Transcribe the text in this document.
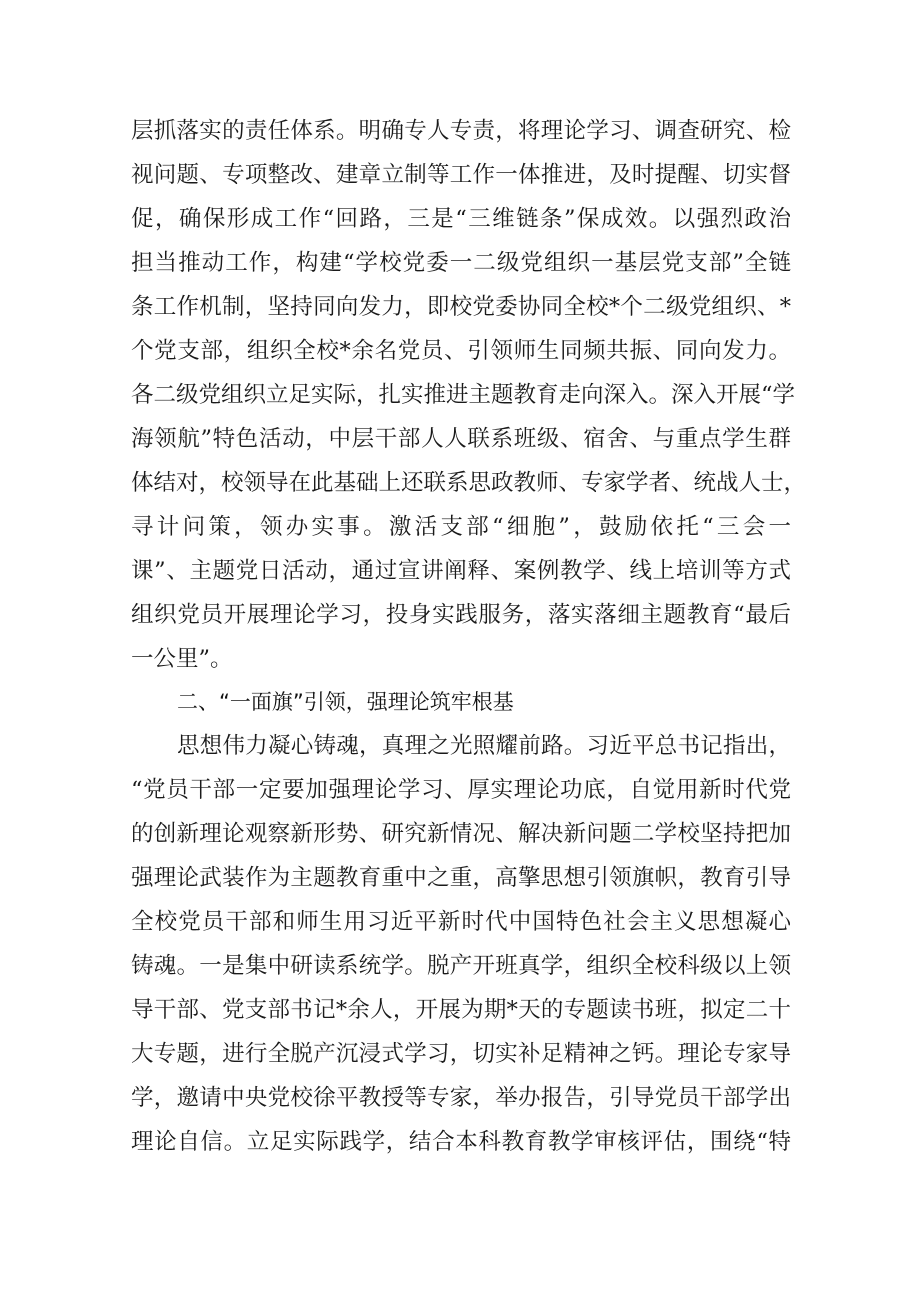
层抓落实的责任体系。明确专人专责，将理论学习、调查研究、检
视问题、专项整改、建章立制等工作一体推进，及时提醒、切实督
促，确保形成工作“回路，三是“三维链条”保成效。以强烈政治
担当推动工作，构建“学校党委一二级党组织一基层党支部”全链
条工作机制，坚持同向发力，即校党委协同全校*个二级党组织、*
个党支部，组织全校*余名党员、引领师生同频共振、同向发力。
各二级党组织立足实际，扎实推进主题教育走向深入。深入开展“学
海领航”特色活动，中层干部人人联系班级、宿舍、与重点学生群
体结对，校领导在此基础上还联系思政教师、专家学者、统战人士，
寻计问策，领办实事。激活支部“细胞”，鼓励依托“三会一
课”、主题党日活动，通过宣讲阐释、案例教学、线上培训等方式
组织党员开展理论学习，投身实践服务，落实落细主题教育“最后
一公里”。
二、“一面旗”引领，强理论筑牢根基
思想伟力凝心铸魂，真理之光照耀前路。习近平总书记指出，
“党员干部一定要加强理论学习、厚实理论功底，自觉用新时代党
的创新理论观察新形势、研究新情况、解决新问题二学校坚持把加
强理论武装作为主题教育重中之重，高擎思想引领旗帜，教育引导
全校党员干部和师生用习近平新时代中国特色社会主义思想凝心
铸魂。一是集中研读系统学。脱产开班真学，组织全校科级以上领
导干部、党支部书记*余人，开展为期*天的专题读书班，拟定二十
大专题，进行全脱产沉浸式学习，切实补足精神之钙。理论专家导
学，邀请中央党校徐平教授等专家，举办报告，引导党员干部学出
理论自信。立足实际践学，结合本科教育教学审核评估，围绕“特
